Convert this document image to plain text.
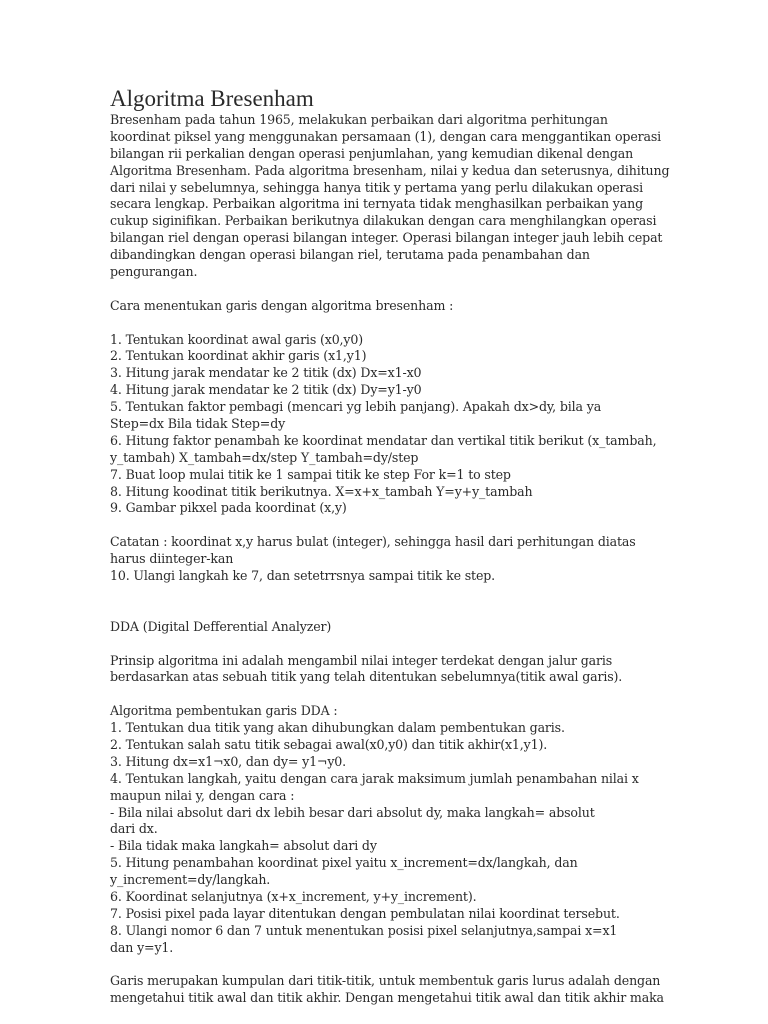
Algoritma Bresenham
Bresenham pada tahun 1965, melakukan perbaikan dari algoritma perhitungan
koordinat piksel yang menggunakan persamaan (1), dengan cara menggantikan operasi
bilangan rii perkalian dengan operasi penjumlahan, yang kemudian dikenal dengan
Algoritma Bresenham. Pada algoritma bresenham, nilai y kedua dan seterusnya, dihitung
dari nilai y sebelumnya, sehingga hanya titik y pertama yang perlu dilakukan operasi
secara lengkap. Perbaikan algoritma ini ternyata tidak menghasilkan perbaikan yang
cukup siginifikan. Perbaikan berikutnya dilakukan dengan cara menghilangkan operasi
bilangan riel dengan operasi bilangan integer. Operasi bilangan integer jauh lebih cepat
dibandingkan dengan operasi bilangan riel, terutama pada penambahan dan
pengurangan.
Cara menentukan garis dengan algoritma bresenham :
1. Tentukan koordinat awal garis (x0,y0)
2. Tentukan koordinat akhir garis (x1,y1)
3. Hitung jarak mendatar ke 2 titik (dx) Dx=x1-x0
4. Hitung jarak mendatar ke 2 titik (dx) Dy=y1-y0
5. Tentukan faktor pembagi (mencari yg lebih panjang). Apakah dx>dy, bila ya
Step=dx Bila tidak Step=dy
6. Hitung faktor penambah ke koordinat mendatar dan vertikal titik berikut (x_tambah,
y_tambah) X_tambah=dx/step Y_tambah=dy/step
7. Buat loop mulai titik ke 1 sampai titik ke step For k=1 to step
8. Hitung koodinat titik berikutnya. X=x+x_tambah Y=y+y_tambah
9. Gambar pikxel pada koordinat (x,y)
Catatan : koordinat x,y harus bulat (integer), sehingga hasil dari perhitungan diatas
harus diinteger-kan
10. Ulangi langkah ke 7, dan setetrrsnya sampai titik ke step.
DDA (Digital Defferential Analyzer)
Prinsip algoritma ini adalah mengambil nilai integer terdekat dengan jalur garis
berdasarkan atas sebuah titik yang telah ditentukan sebelumnya(titik awal garis).
Algoritma pembentukan garis DDA :
1. Tentukan dua titik yang akan dihubungkan dalam pembentukan garis.
2. Tentukan salah satu titik sebagai awal(x0,y0) dan titik akhir(x1,y1).
3. Hitung dx=x1¬x0, dan dy= y1¬y0.
4. Tentukan langkah, yaitu dengan cara jarak maksimum jumlah penambahan nilai x
maupun nilai y, dengan cara :
- Bila nilai absolut dari dx lebih besar dari absolut dy, maka langkah= absolut
dari dx.
- Bila tidak maka langkah= absolut dari dy
5. Hitung penambahan koordinat pixel yaitu x_increment=dx/langkah, dan
y_increment=dy/langkah.
6. Koordinat selanjutnya (x+x_increment, y+y_increment).
7. Posisi pixel pada layar ditentukan dengan pembulatan nilai koordinat tersebut.
8. Ulangi nomor 6 dan 7 untuk menentukan posisi pixel selanjutnya,sampai x=x1
dan y=y1.
Garis merupakan kumpulan dari titik-titik, untuk membentuk garis lurus adalah dengan
mengetahui titik awal dan titik akhir. Dengan mengetahui titik awal dan titik akhir maka
